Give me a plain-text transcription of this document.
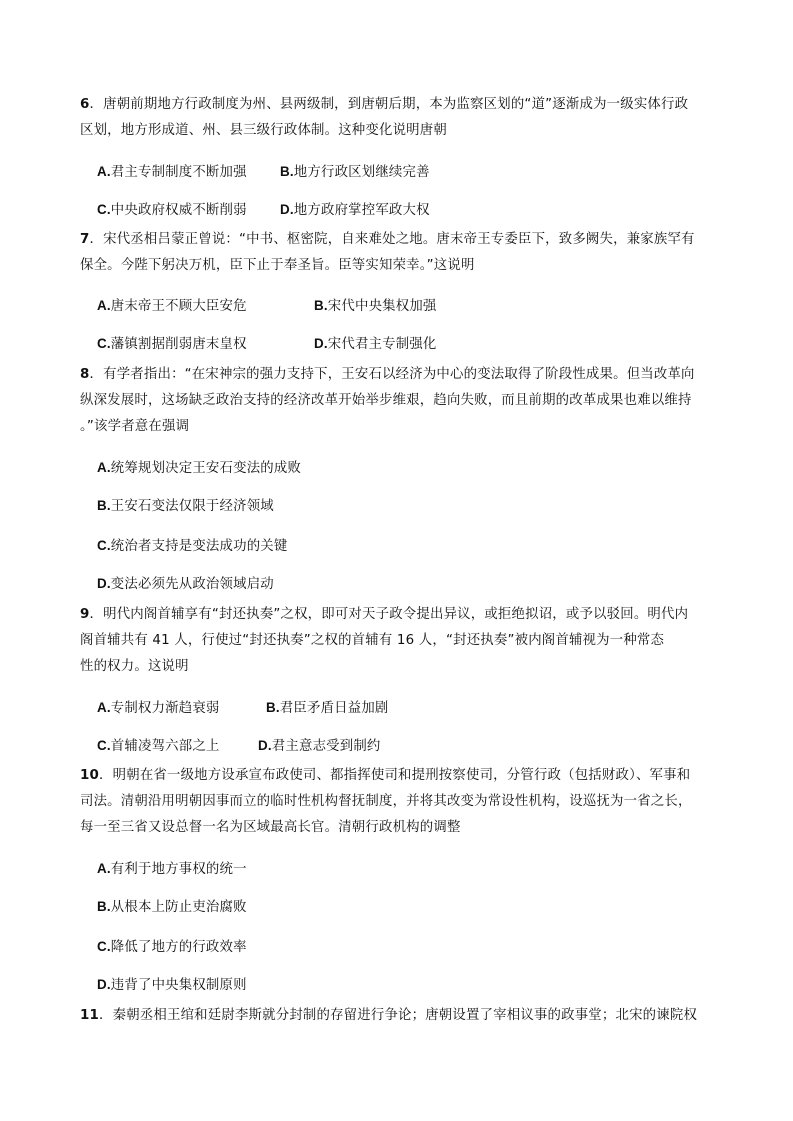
6．唐朝前期地方行政制度为州、县两级制，到唐朝后期，本为监察区划的“道”逐渐成为一级实体行政
区划，地方形成道、州、县三级行政体制。这种变化说明唐朝
A.君主专制制度不断加强 B.地方行政区划继续完善
C.中央政府权威不断削弱 D.地方政府掌控军政大权
7．宋代丞相吕蒙正曾说：“中书、枢密院，自来难处之地。唐末帝王专委臣下，致多阙失，兼家族罕有
保全。今陛下躬决万机，臣下止于奉圣旨。臣等实知荣幸。”这说明
A.唐末帝王不顾大臣安危	B.宋代中央集权加强
C.藩镇割据削弱唐末皇权	D.宋代君主专制强化
8．有学者指出：“在宋神宗的强力支持下，王安石以经济为中心的变法取得了阶段性成果。但当改革向
纵深发展时，这场缺乏政治支持的经济改革开始举步维艰，趋向失败，而且前期的改革成果也难以维持
。”该学者意在强调
A.统筹规划决定王安石变法的成败
B.王安石变法仅限于经济领域
C.统治者支持是变法成功的关键
D.变法必须先从政治领域启动
9．明代内阁首辅享有“封还执奏”之权，即可对天子政令提出异议，或拒绝拟诏，或予以驳回。明代内
阁首辅共有 41 人，行使过“封还执奏”之权的首辅有 16 人，“封还执奏”被内阁首辅视为一种常态
性的权力。这说明
A.专制权力渐趋衰弱	B.君臣矛盾日益加剧
C.首辅凌驾六部之上	D.君主意志受到制约
10．明朝在省一级地方设承宣布政使司、都指挥使司和提刑按察使司，分管行政（包括财政）、军事和
司法。清朝沿用明朝因事而立的临时性机构督抚制度，并将其改变为常设性机构，设巡抚为一省之长，
每一至三省又设总督一名为区域最高长官。清朝行政机构的调整
A.有利于地方事权的统一
B.从根本上防止吏治腐败
C.降低了地方的行政效率
D.违背了中央集权制原则
11．秦朝丞相王绾和廷尉李斯就分封制的存留进行争论；唐朝设置了宰相议事的政事堂；北宋的谏院权
